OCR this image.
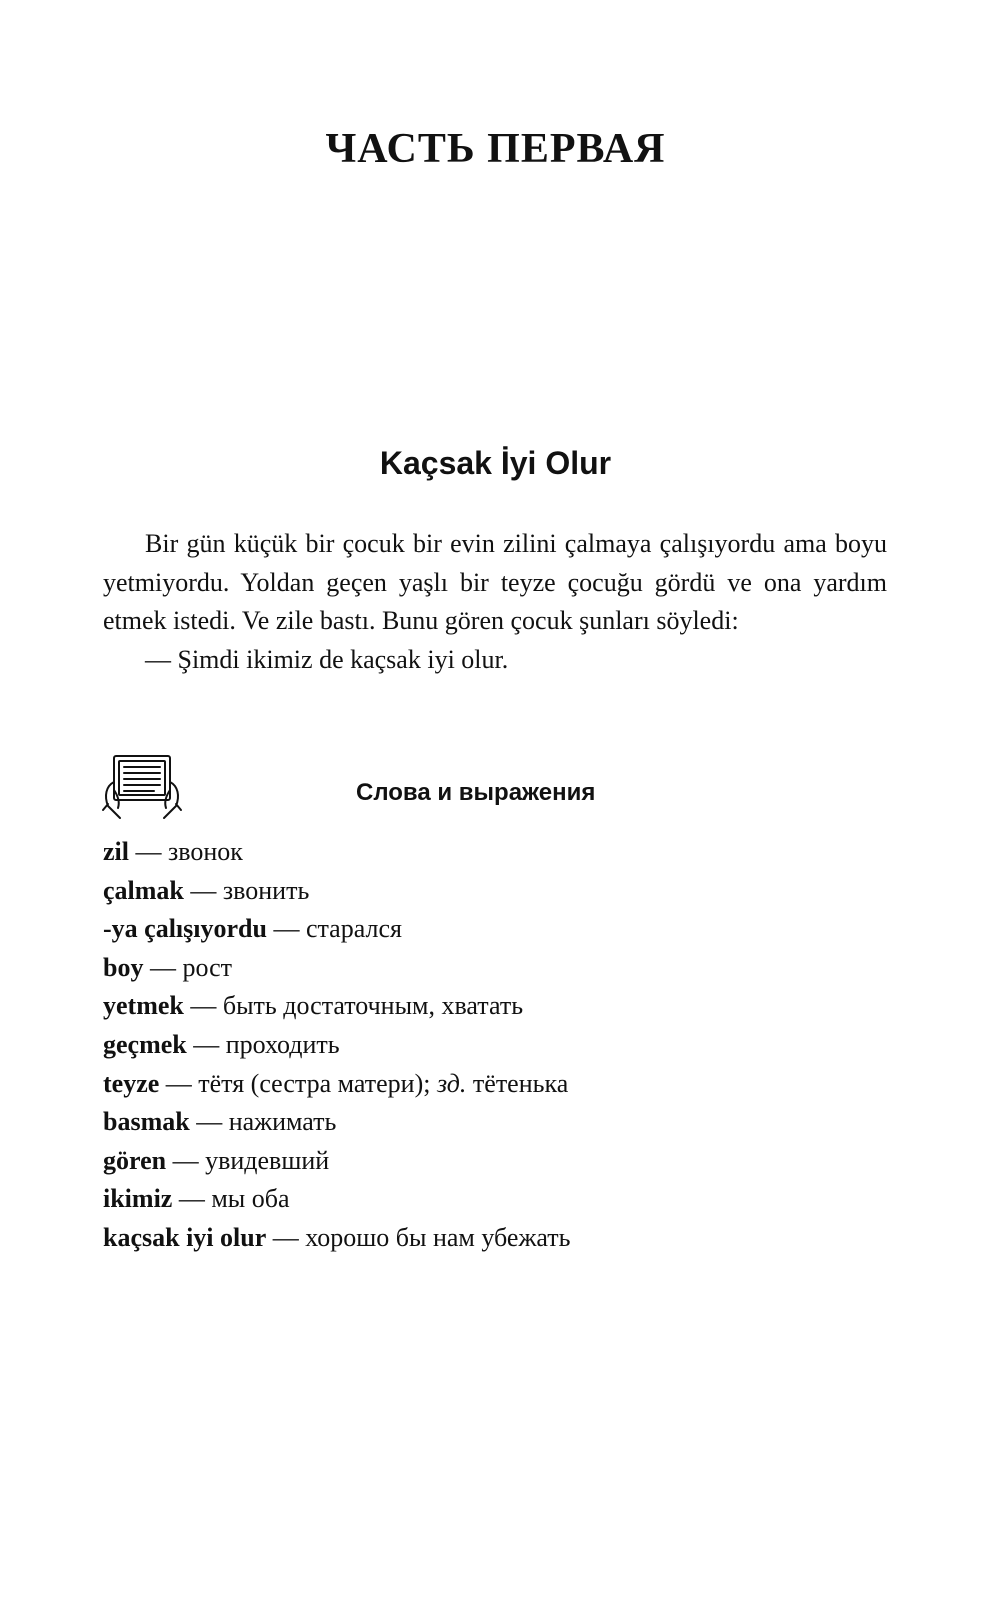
ЧАСТЬ ПЕРВАЯ
Kaçsak İyi Olur

Bir gün küçük bir çocuk bir evin zilini çalmaya çalışıyordu ama boyu yetmiyordu. Yoldan geçen yaşlı bir teyze çocuğu gördü ve ona yardım etmek istedi. Ve zile bastı. Bunu gören çocuk şunları söyledi:

— Şimdi ikimiz de kaçsak iyi olur.

Слова и выражения
zil — звонок
çalmak — звонить
-ya çalışıyordu — старался
boy — рост
yetmek — быть достаточным, хватать
geçmek — проходить
teyze — тётя (сестра матери); зд. тётенька
basmak — нажимать
gören — увидевший
ikimiz — мы оба
kaçsak iyi olur — хорошо бы нам убежать
